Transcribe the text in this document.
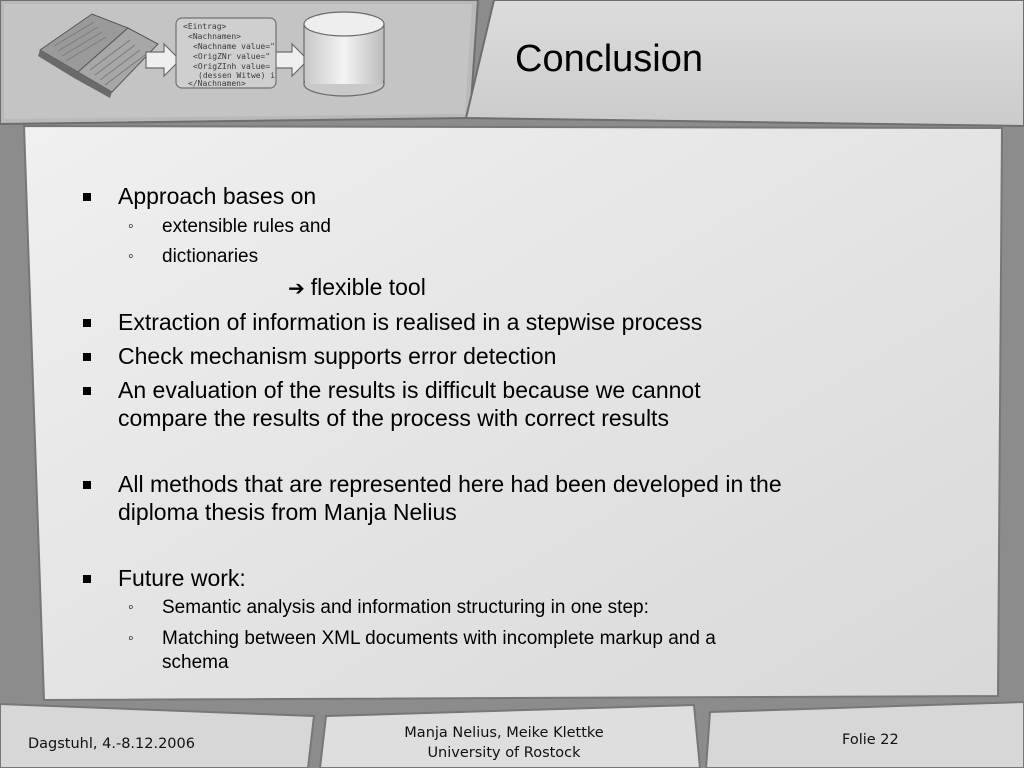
<Eintrag>
<Nachnamen>
<Nachname value="
<OrigZNr value="
<OrigZInh value=
(dessen Witwe) i
</Nachnamen>
Conclusion
Approach bases on
◦ extensible rules and
◦ dictionaries
➔ flexible tool
Extraction of information is realised in a stepwise process
Check mechanism supports error detection
An evaluation of the results is difficult because we cannot
compare the results of the process with correct results
All methods that are represented here had been developed in the
diploma thesis from Manja Nelius
Future work:
◦ Semantic analysis and information structuring in one step:
◦ Matching between XML documents with incomplete markup and a
schema
Dagstuhl, 4.-8.12.2006
Manja Nelius, Meike Klettke
University of Rostock
Folie 22
